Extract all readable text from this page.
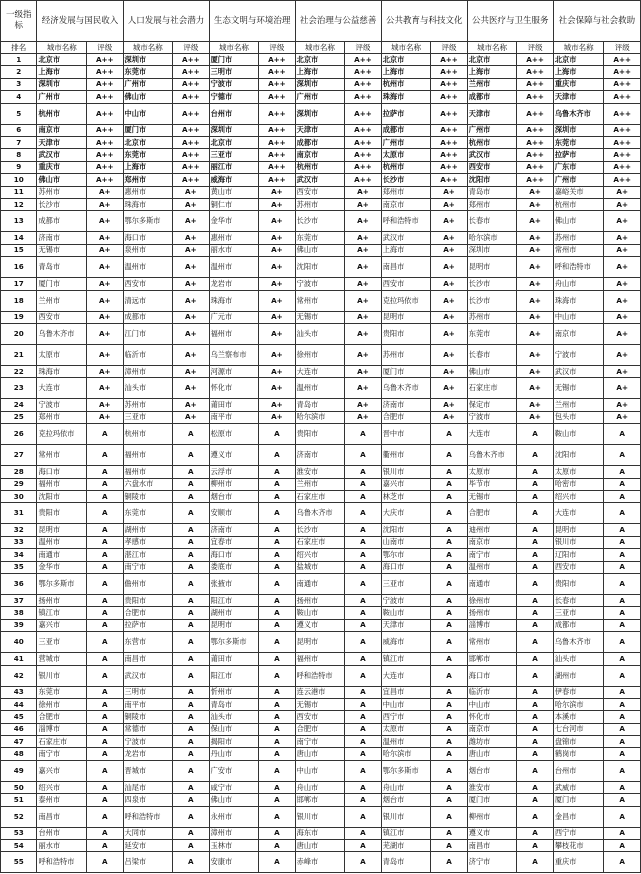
一级指标	经济发展与国民收入		人口发展与社会潜力		生态文明与环境治理		社会治理与公益慈善		公共教育与科技文化		公共医疗与卫生服务		社会保障与社会救助	
排名	城市名称	评级	城市名称	评级	城市名称	评级	城市名称	评级	城市名称	评级	城市名称	评级	城市名称	评级
1	北京市	A++	深圳市	A++	厦门市	A++	北京市	A++	北京市	A++	北京市	A++	北京市	A++
2	上海市	A++	东莞市	A++	三明市	A++	上海市	A++	上海市	A++	上海市	A++	上海市	A++
3	深圳市	A++	广州市	A++	宁波市	A++	深圳市	A++	杭州市	A++	兰州市	A++	重庆市	A++
4	广州市	A++	佛山市	A++	宁德市	A++	广州市	A++	珠海市	A++	成都市	A++	天津市	A++
5	杭州市	A++	中山市	A++	台州市	A++	深圳市	A++	拉萨市	A++	天津市	A++	乌鲁木齐市	A++
6	南京市	A++	厦门市	A++	深圳市	A++	天津市	A++	成都市	A++	广州市	A++	深圳市	A++
7	天津市	A++	北京市	A++	北京市	A++	成都市	A++	广州市	A++	杭州市	A++	东莞市	A++
8	武汉市	A++	东莞市	A++	三亚市	A++	南京市	A++	太原市	A++	武汉市	A++	拉萨市	A++
9	重庆市	A++	上海市	A++	丽江市	A++	杭州市	A++	杭州市	A++	西安市	A++	广东市	A++
10	佛山市	A++	郑州市	A++	威海市	A++	武汉市	A++	长沙市	A++	沈阳市	A++	广州市	A++
11	苏州市	A+	惠州市	A+	黄山市	A+	西安市	A+	郑州市	A+	青岛市	A+	嘉峪关市	A+
12	长沙市	A+	珠海市	A+	铜仁市	A+	苏州市	A+	南京市	A+	郑州市	A+	杭州市	A+
13	成都市	A+	鄂尔多斯市	A+	金华市	A+	长沙市	A+	呼和浩特市	A+	长春市	A+	佛山市	A+
14	济南市	A+	海口市	A+	惠州市	A+	东莞市	A+	武汉市	A+	哈尔滨市	A+	苏州市	A+
15	无锡市	A+	泉州市	A+	丽水市	A+	佛山市	A+	上海市	A+	深圳市	A+	常州市	A+
16	青岛市	A+	温州市	A+	温州市	A+	沈阳市	A+	南昌市	A+	昆明市	A+	呼和浩特市	A+
17	厦门市	A+	西安市	A+	龙岩市	A+	宁波市	A+	西安市	A+	长沙市	A+	舟山市	A+
18	兰州市	A+	清远市	A+	珠海市	A+	常州市	A+	克拉玛依市	A+	长沙市	A+	珠海市	A+
19	西安市	A+	成都市	A+	广元市	A+	无锡市	A+	昆明市	A+	苏州市	A+	中山市	A+
20	乌鲁木齐市	A+	江门市	A+	福州市	A+	汕头市	A+	贵阳市	A+	东莞市	A+	南京市	A+
21	太原市	A+	临沂市	A+	乌兰察布市	A+	徐州市	A+	苏州市	A+	长春市	A+	宁波市	A+
22	珠海市	A+	漳州市	A+	河源市	A+	大连市	A+	厦门市	A+	佛山市	A+	武汉市	A+
23	大连市	A+	汕头市	A+	怀化市	A+	温州市	A+	乌鲁木齐市	A+	石家庄市	A+	无锡市	A+
24	宁波市	A+	苏州市	A+	莆田市	A+	青岛市	A+	济南市	A+	保定市	A+	兰州市	A+
25	郑州市	A+	三亚市	A+	南平市	A+	哈尔滨市	A+	合肥市	A+	宁波市	A+	包头市	A+
26	克拉玛依市	A	杭州市	A	松原市	A	贵阳市	A	晋中市	A	大连市	A	鞍山市	A
27	常州市	A	福州市	A	遵义市	A	济南市	A	衢州市	A	乌鲁木齐市	A	沈阳市	A
28	海口市	A	福州市	A	云浮市	A	淮安市	A	银川市	A	太原市	A	太原市	A
29	福州市	A	六盘水市	A	柳州市	A	兰州市	A	嘉兴市	A	毕节市	A	哈密市	A
30	沈阳市	A	铜陵市	A	烟台市	A	石家庄市	A	林芝市	A	无锡市	A	绍兴市	A
31	贵阳市	A	东莞市	A	安顺市	A	乌鲁木齐市	A	大庆市	A	合肥市	A	大连市	A
32	昆明市	A	湖州市	A	济南市	A	长沙市	A	沈阳市	A	迪州市	A	昆明市	A
33	温州市	A	孝感市	A	宜春市	A	石家庄市	A	山南市	A	南京市	A	银川市	A
34	南通市	A	湛江市	A	海口市	A	绍兴市	A	鄂尔市	A	南宁市	A	辽阳市	A
35	金华市	A	南宁市	A	娄底市	A	盐城市	A	海口市	A	温州市	A	西安市	A
36	鄂尔多斯市	A	儋州市	A	张掖市	A	南通市	A	三亚市	A	南通市	A	贵阳市	A
37	扬州市	A	贵阳市	A	阳江市	A	扬州市	A	宁波市	A	徐州市	A	长春市	A
38	镇江市	A	合肥市	A	湖州市	A	鞍山市	A	鞍山市	A	扬州市	A	三亚市	A
39	嘉兴市	A	拉萨市	A	昆明市	A	遵义市	A	天津市	A	淄博市	A	成都市	A
40	三亚市	A	东营市	A	鄂尔多斯市	A	昆明市	A	威海市	A	常州市	A	乌鲁木齐市	A
41	营城市	A	南昌市	A	莆田市	A	福州市	A	镇江市	A	邯郸市	A	汕头市	A
42	银川市	A	武汉市	A	阳江市	A	呼和浩特市	A	大连市	A	海口市	A	湖州市	A
43	东莞市	A	三明市	A	忻州市	A	连云港市	A	宜昌市	A	临沂市	A	伊春市	A
44	徐州市	A	南平市	A	青岛市	A	无锡市	A	中山市	A	中山市	A	哈尔滨市	A
45	合肥市	A	铜陵市	A	汕头市	A	西安市	A	西宁市	A	怀化市	A	本溪市	A
46	淄博市	A	常德市	A	保山市	A	合肥市	A	太原市	A	南京市	A	七台河市	A
47	石家庄市	A	宁波市	A	揭阳市	A	南宁市	A	温州市	A	潍坊市	A	盘锦市	A
48	南宁市	A	龙岩市	A	丹山市	A	唐山市	A	哈尔滨市	A	唐山市	A	鹤岗市	A
49	嘉兴市	A	晋城市	A	广安市	A	中山市	A	鄂尔多斯市	A	烟台市	A	台州市	A
50	绍兴市	A	汕尾市	A	咸宁市	A	舟山市	A	舟山市	A	淮安市	A	武威市	A
51	泰州市	A	四泉市	A	佛山市	A	邯郸市	A	烟台市	A	厦门市	A	厦门市	A
52	南昌市	A	呼和浩特市	A	永州市	A	银川市	A	银川市	A	柳州市	A	金昌市	A
53	台州市	A	大同市	A	漳州市	A	海东市	A	镇江市	A	遵义市	A	西宁市	A
54	丽水市	A	延安市	A	玉林市	A	唐山市	A	芜湖市	A	南昌市	A	攀枝花市	A
55	呼和浩特市	A	吕梁市	A	安康市	A	赤峰市	A	青岛市	A	济宁市	A	重庆市	A
